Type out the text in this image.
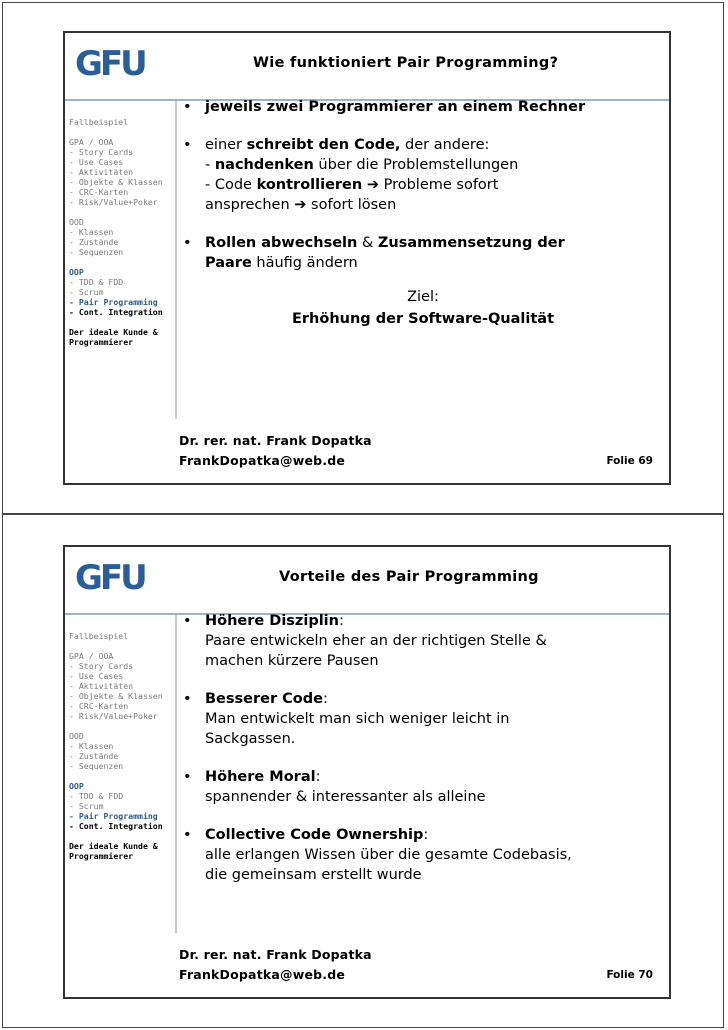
GFU	Wie funktioniert Pair Programming?
Fallbeispiel
GPA / OOA
- Story Cards
- Use Cases
- Aktivitäten
- Objekte & Klassen
- CRC-Karten
- Risk/Value+Poker
OOD
- Klassen
- Zustände
- Sequenzen
OOP
- TDD & FDD
- Scrum
- Pair Programming
- Cont. Integration
Der ideale Kunde &
Programmierer
• jeweils zwei Programmierer an einem Rechner
• einer schreibt den Code, der andere:
- nachdenken über die Problemstellungen
- Code kontrollieren ➔ Probleme sofort
ansprechen ➔ sofort lösen
• Rollen abwechseln & Zusammensetzung der
Paare häufig ändern
Ziel:
Erhöhung der Software-Qualität
Dr. rer. nat. Frank Dopatka
FrankDopatka@web.de	Folie 69
GFU	Vorteile des Pair Programming
Fallbeispiel
GPA / OOA
- Story Cards
- Use Cases
- Aktivitäten
- Objekte & Klassen
- CRC-Karten
- Risk/Value+Poker
OOD
- Klassen
- Zustände
- Sequenzen
OOP
- TDD & FDD
- Scrum
- Pair Programming
- Cont. Integration
Der ideale Kunde &
Programmierer
• Höhere Disziplin:
Paare entwickeln eher an der richtigen Stelle &
machen kürzere Pausen
• Besserer Code:
Man entwickelt man sich weniger leicht in
Sackgassen.
• Höhere Moral:
spannender & interessanter als alleine
• Collective Code Ownership:
alle erlangen Wissen über die gesamte Codebasis,
die gemeinsam erstellt wurde
Dr. rer. nat. Frank Dopatka
FrankDopatka@web.de	Folie 70
